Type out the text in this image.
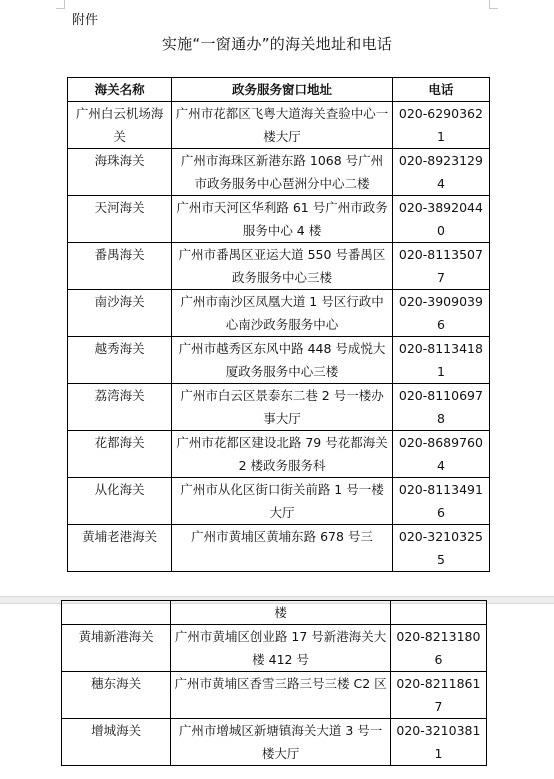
附件
实施“一窗通办”的海关地址和电话
海关名称	政务服务窗口地址	电话
广州白云机场海关	广州市花都区飞粤大道海关查验中心一楼大厅	020-62903621
海珠海关	广州市海珠区新港东路 1068 号广州市政务服务中心琶洲分中心二楼	020-89231294
天河海关	广州市天河区华利路 61 号广州市政务服务中心 4 楼	020-38920440
番禺海关	广州市番禺区亚运大道 550 号番禺区政务服务中心三楼	020-81135077
南沙海关	广州市南沙区凤凰大道 1 号区行政中心南沙政务服务中心	020-39090396
越秀海关	广州市越秀区东风中路 448 号成悦大厦政务服务中心三楼	020-81134181
荔湾海关	广州市白云区景泰东二巷 2 号一楼办事大厅	020-81106978
花都海关	广州市花都区建设北路 79 号花都海关 2 楼政务服务科	020-86897604
从化海关	广州市从化区街口街关前路 1 号一楼大厅	020-81134916
黄埔老港海关	广州市黄埔区黄埔东路 678 号三	020-32103255
	楼	
黄埔新港海关	广州市黄埔区创业路 17 号新港海关大楼 412 号	020-82131806
穗东海关	广州市黄埔区香雪三路三号三楼 C2 区	020-82118617
增城海关	广州市增城区新塘镇海关大道 3 号一楼大厅	020-32103811
